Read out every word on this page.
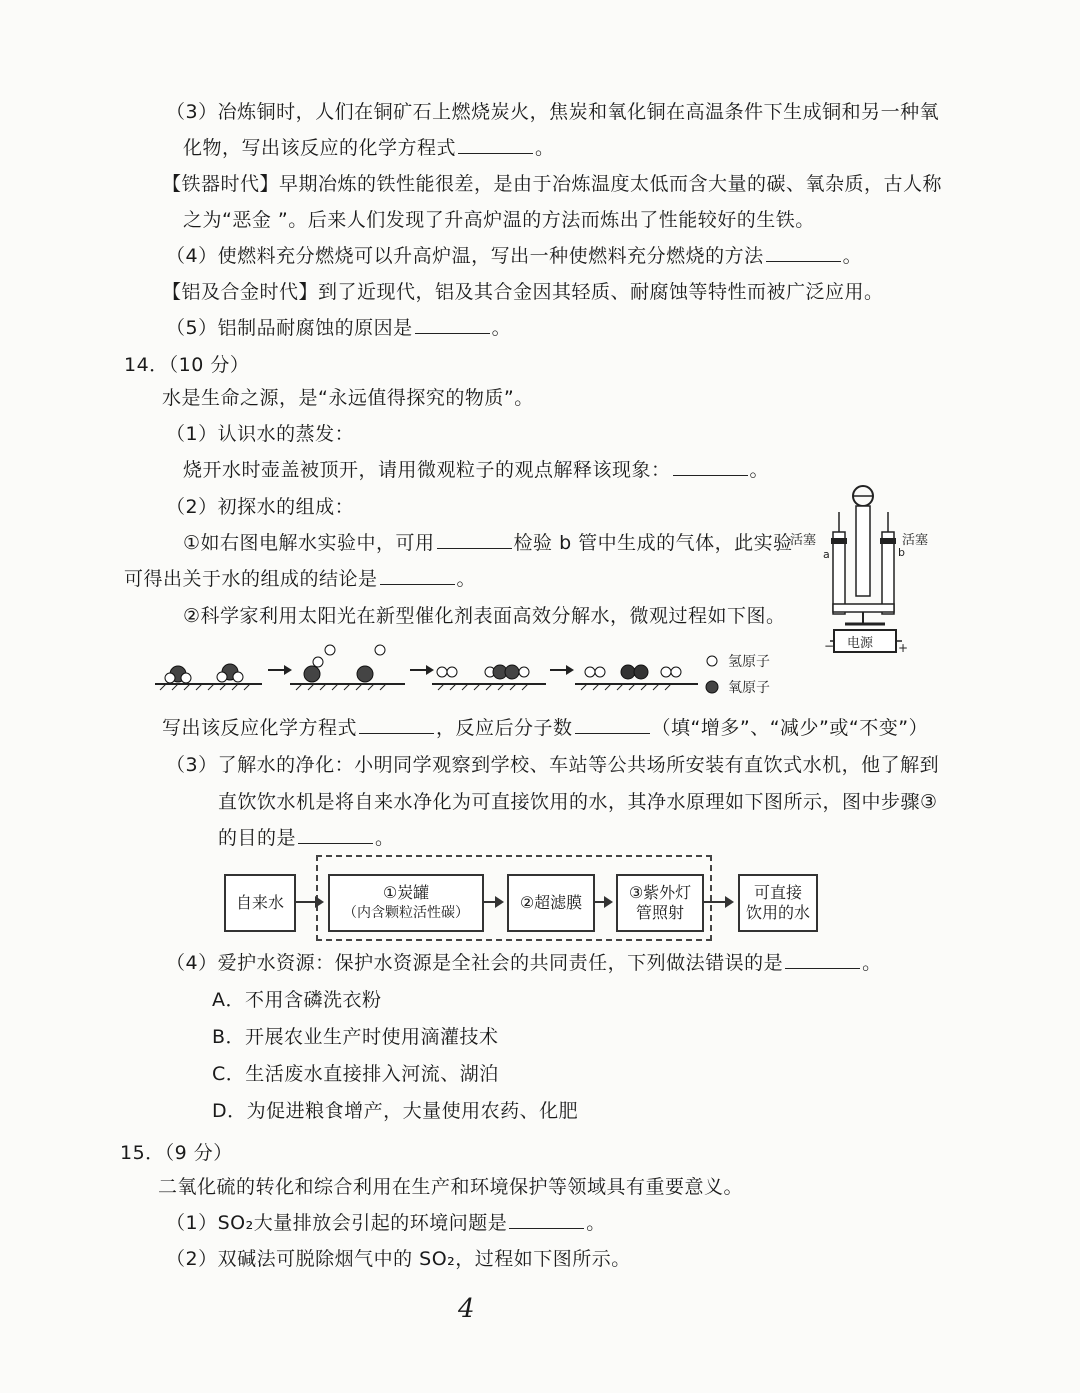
（3）冶炼铜时，人们在铜矿石上燃烧炭火，焦炭和氧化铜在高温条件下生成铜和另一种氧
化物，写出该反应的化学方程式	。
【铁器时代】早期冶炼的铁性能很差，是由于冶炼温度太低而含大量的碳、氧杂质，古人称
之为“恶金 ”。后来人们发现了升高炉温的方法而炼出了性能较好的生铁。
（4）使燃料充分燃烧可以升高炉温，写出一种使燃料充分燃烧的方法	。
【铝及合金时代】到了近现代，铝及其合金因其轻质、耐腐蚀等特性而被广泛应用。
（5）铝制品耐腐蚀的原因是	。
14．（10 分）
水是生命之源，是“永远值得探究的物质”。
（1）认识水的蒸发：
烧开水时壶盖被顶开，请用微观粒子的观点解释该现象：	。
（2）初探水的组成：
①如右图电解水实验中，可用	检验 b 管中生成的气体，此实验
可得出关于水的组成的结论是	。
②科学家利用太阳光在新型催化剂表面高效分解水，微观过程如下图。
活塞	活塞
a	b
电源
−	+
氢原子
氧原子
写出该反应化学方程式	，反应后分子数	（填“增多”、“减少”或“不变”）
（3）了解水的净化：小明同学观察到学校、车站等公共场所安装有直饮式水机，他了解到
直饮饮水机是将自来水净化为可直接饮用的水，其净水原理如下图所示，图中步骤③
的目的是	。
自来水
①炭罐
（内含颗粒活性碳）
②超滤膜
③紫外灯
管照射
可直接
饮用的水
（4）爱护水资源：保护水资源是全社会的共同责任，下列做法错误的是	。
A．不用含磷洗衣粉
B．开展农业生产时使用滴灌技术
C．生活废水直接排入河流、湖泊
D．为促进粮食增产，大量使用农药、化肥
15．（9 分）
二氧化硫的转化和综合利用在生产和环境保护等领域具有重要意义。
（1）SO₂大量排放会引起的环境问题是	。
（2）双碱法可脱除烟气中的 SO₂，过程如下图所示。
4
